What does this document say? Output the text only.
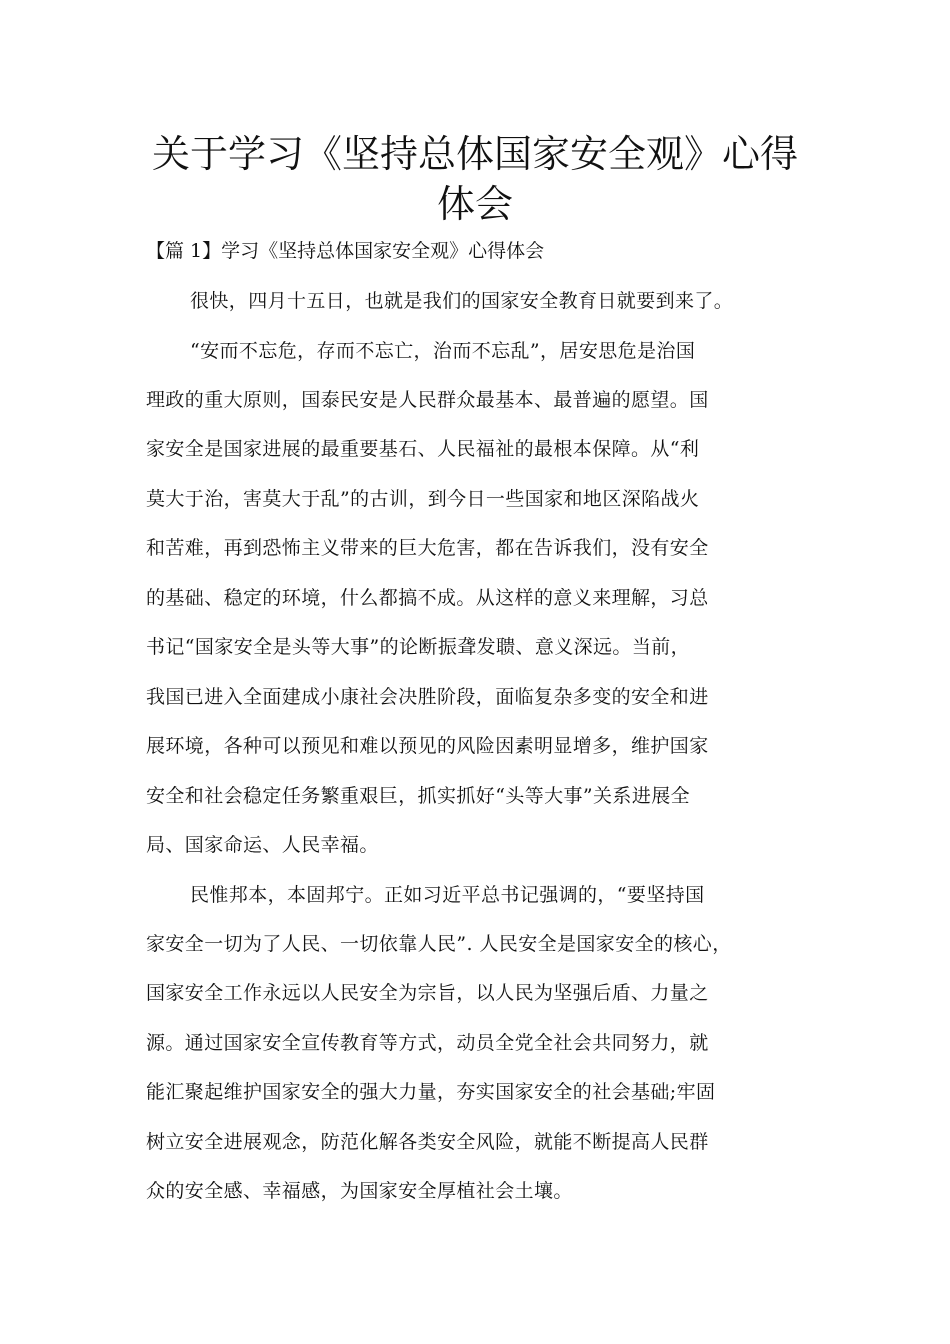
关于学习《坚持总体国家安全观》心得
体会

【篇 1】学习《坚持总体国家安全观》心得体会

很快，四月十五日，也就是我们的国家安全教育日就要到来了。

“安而不忘危，存而不忘亡，治而不忘乱”，居安思危是治国

理政的重大原则，国泰民安是人民群众最基本、最普遍的愿望。国

家安全是国家进展的最重要基石、人民福祉的最根本保障。从“利

莫大于治，害莫大于乱”的古训，到今日一些国家和地区深陷战火

和苦难，再到恐怖主义带来的巨大危害，都在告诉我们，没有安全

的基础、稳定的环境，什么都搞不成。从这样的意义来理解，习总

书记“国家安全是头等大事”的论断振聋发聩、意义深远。当前，

我国已进入全面建成小康社会决胜阶段，面临复杂多变的安全和进

展环境，各种可以预见和难以预见的风险因素明显增多，维护国家

安全和社会稳定任务繁重艰巨，抓实抓好“头等大事”关系进展全

局、国家命运、人民幸福。

民惟邦本，本固邦宁。正如习近平总书记强调的，“要坚持国

家安全一切为了人民、一切依靠人民”. 人民安全是国家安全的核心，

国家安全工作永远以人民安全为宗旨，以人民为坚强后盾、力量之

源。通过国家安全宣传教育等方式，动员全党全社会共同努力，就

能汇聚起维护国家安全的强大力量，夯实国家安全的社会基础;牢固

树立安全进展观念，防范化解各类安全风险，就能不断提高人民群

众的安全感、幸福感，为国家安全厚植社会土壤。
